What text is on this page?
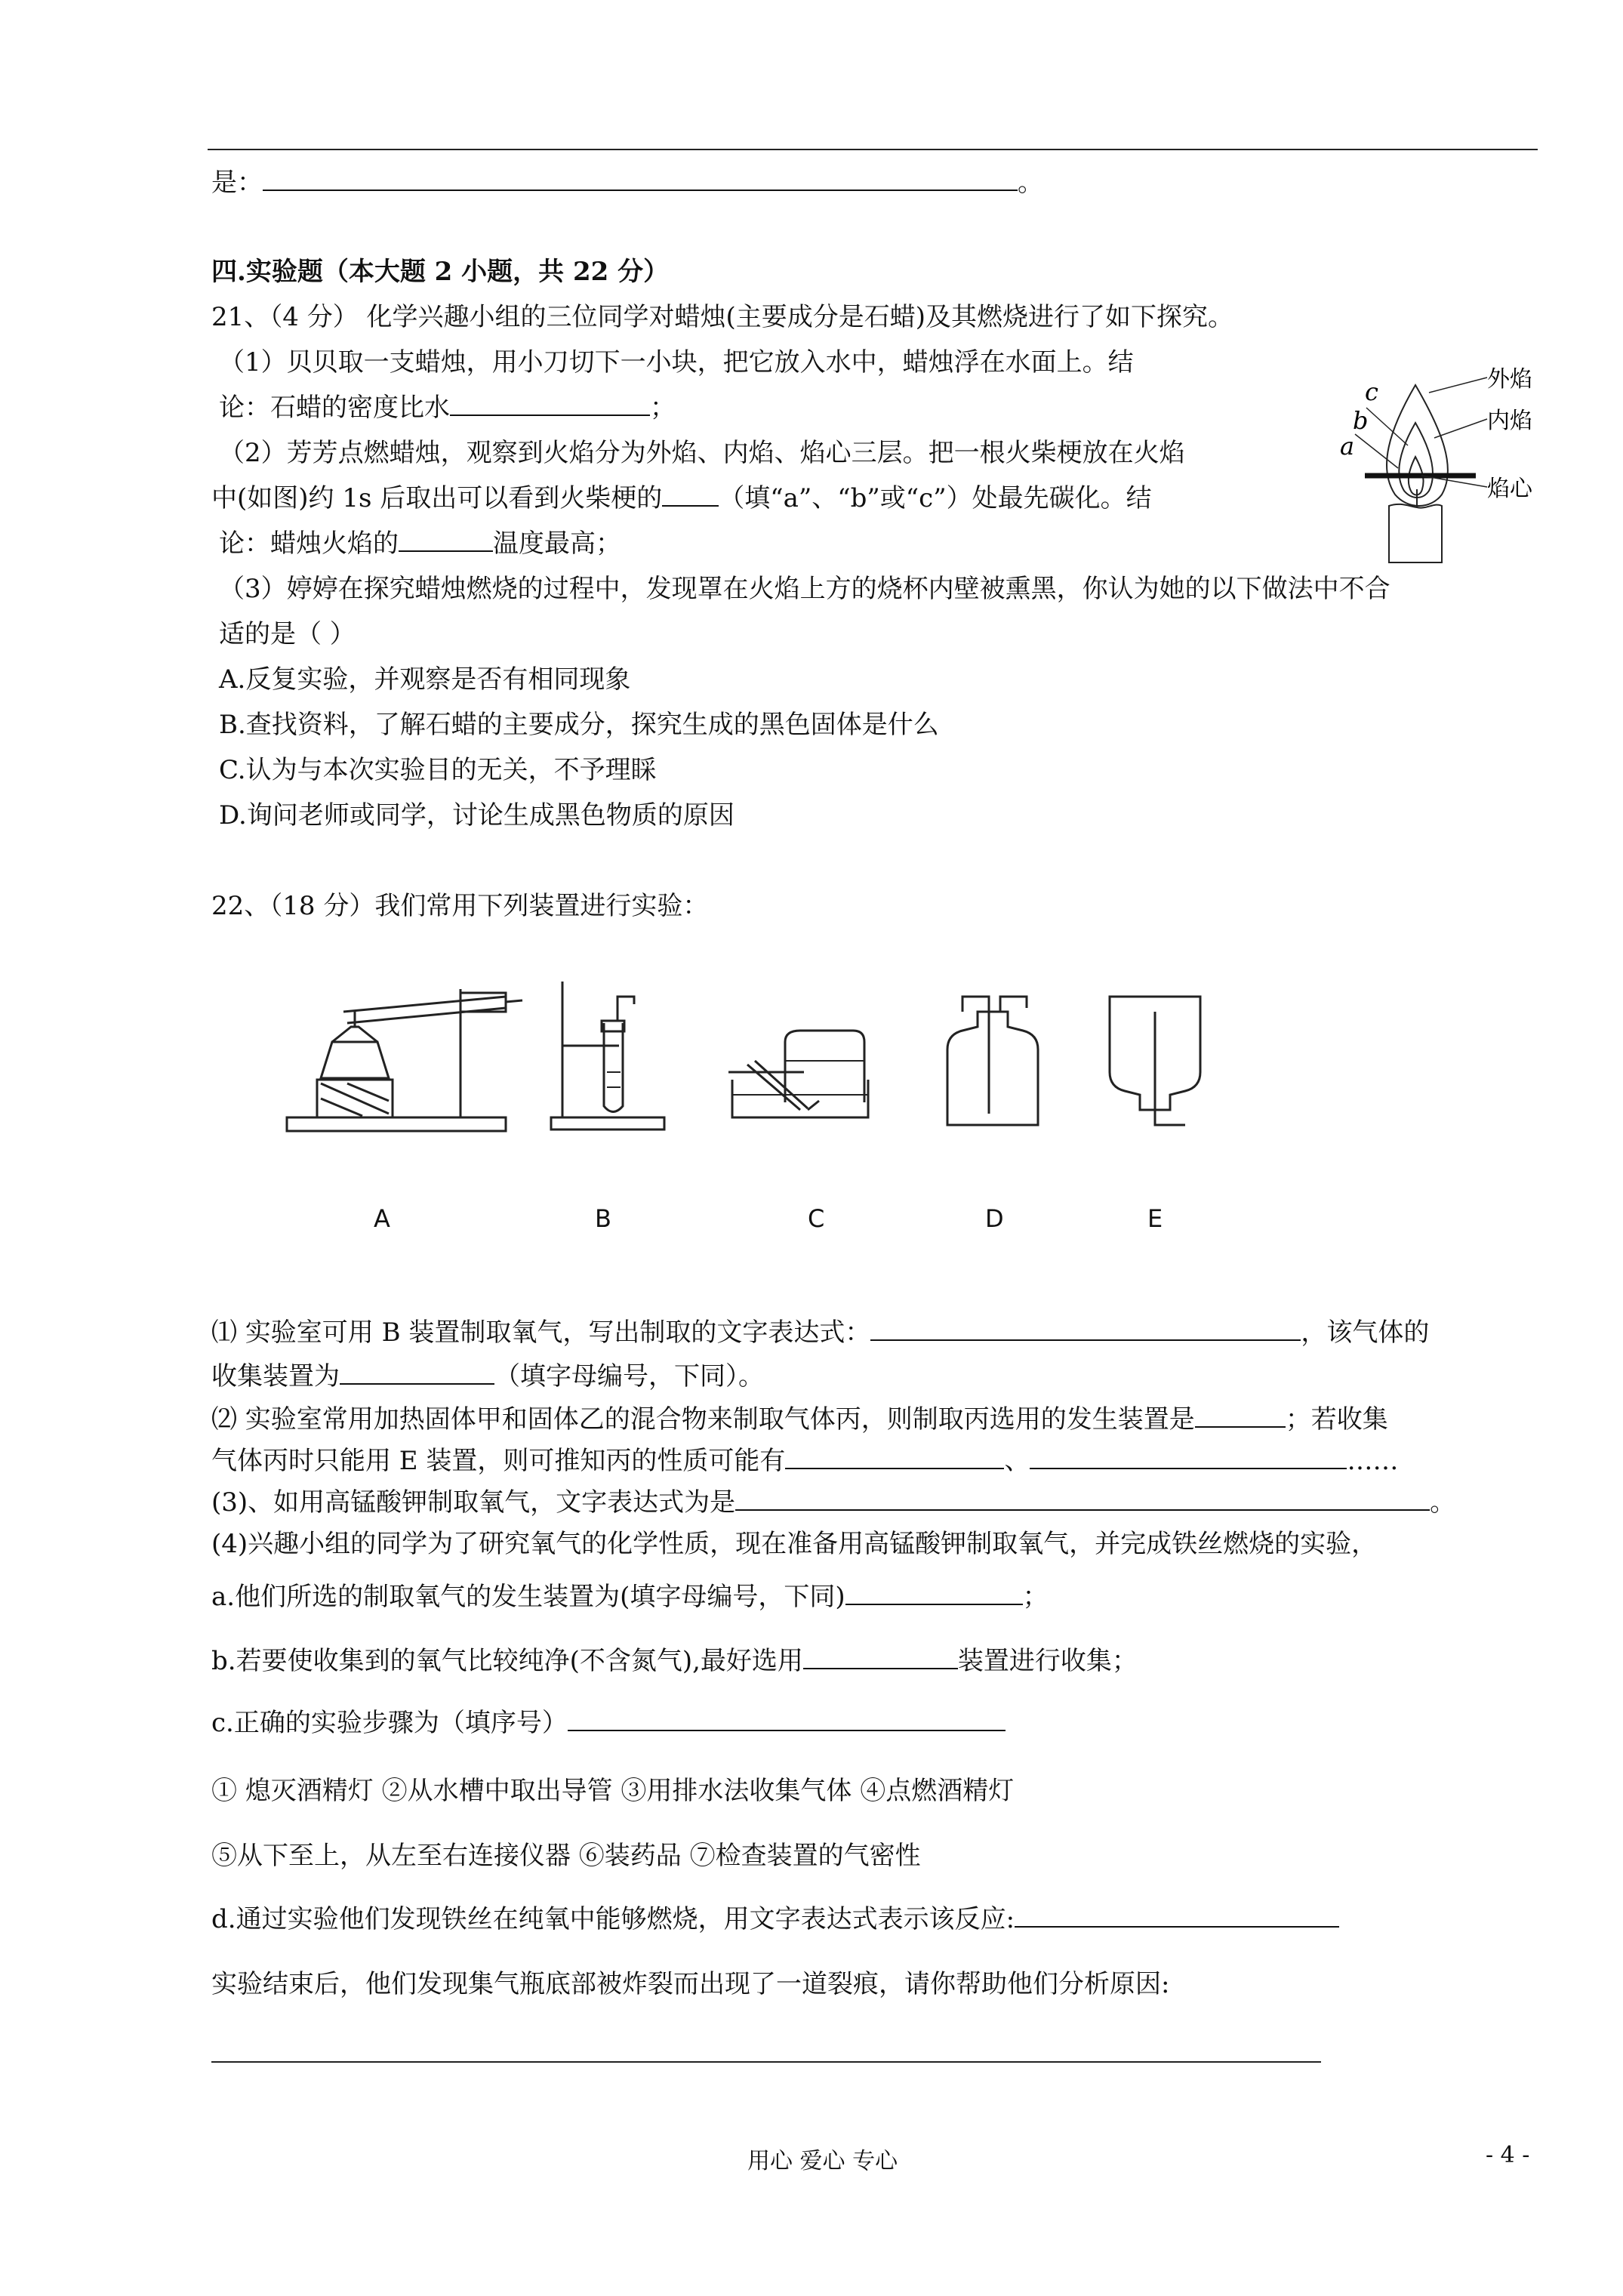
是：	。
四.实验题（本大题 2 小题，共 22 分）
21、（4 分） 化学兴趣小组的三位同学对蜡烛(主要成分是石蜡)及其燃烧进行了如下探究。
（1）贝贝取一支蜡烛，用小刀切下一小块，把它放入水中，蜡烛浮在水面上。结
论：石蜡的密度比水	；
（2）芳芳点燃蜡烛，观察到火焰分为外焰、内焰、焰心三层。把一根火柴梗放在火焰
中(如图)约 1s 后取出可以看到火柴梗的 （填“a”、“b”或“c”）处最先碳化。结
论：蜡烛火焰的	温度最高；
（3）婷婷在探究蜡烛燃烧的过程中，发现罩在火焰上方的烧杯内壁被熏黑，你认为她的以下做法中不合
适的是（ ）
A.反复实验，并观察是否有相同现象
B.查找资料，了解石蜡的主要成分，探究生成的黑色固体是什么
C.认为与本次实验目的无关，不予理睬
D.询问老师或同学，讨论生成黑色物质的原因
外焰
内焰
焰心
c
b
a
22、（18 分）我们常用下列装置进行实验：
A	B	C	D	E
⑴ 实验室可用 B 装置制取氧气，写出制取的文字表达式：	，该气体的
收集装置为	（填字母编号，下同）。
⑵ 实验室常用加热固体甲和固体乙的混合物来制取气体丙，则制取丙选用的发生装置是	；若收集
气体丙时只能用 E 装置，则可推知丙的性质可能有	、	……
(3)、如用高锰酸钾制取氧气，文字表达式为是	。
(4)兴趣小组的同学为了研究氧气的化学性质，现在准备用高锰酸钾制取氧气，并完成铁丝燃烧的实验，
a.他们所选的制取氧气的发生装置为(填字母编号，下同)	；
b.若要使收集到的氧气比较纯净(不含氮气),最好选用	装置进行收集；
c.正确的实验步骤为（填序号）
① 熄灭酒精灯 ②从水槽中取出导管 ③用排水法收集气体 ④点燃酒精灯
⑤从下至上，从左至右连接仪器 ⑥装药品 ⑦检查装置的气密性
d.通过实验他们发现铁丝在纯氧中能够燃烧，用文字表达式表示该反应:
实验结束后，他们发现集气瓶底部被炸裂而出现了一道裂痕，请你帮助他们分析原因:
用心 爱心 专心	- 4 -
